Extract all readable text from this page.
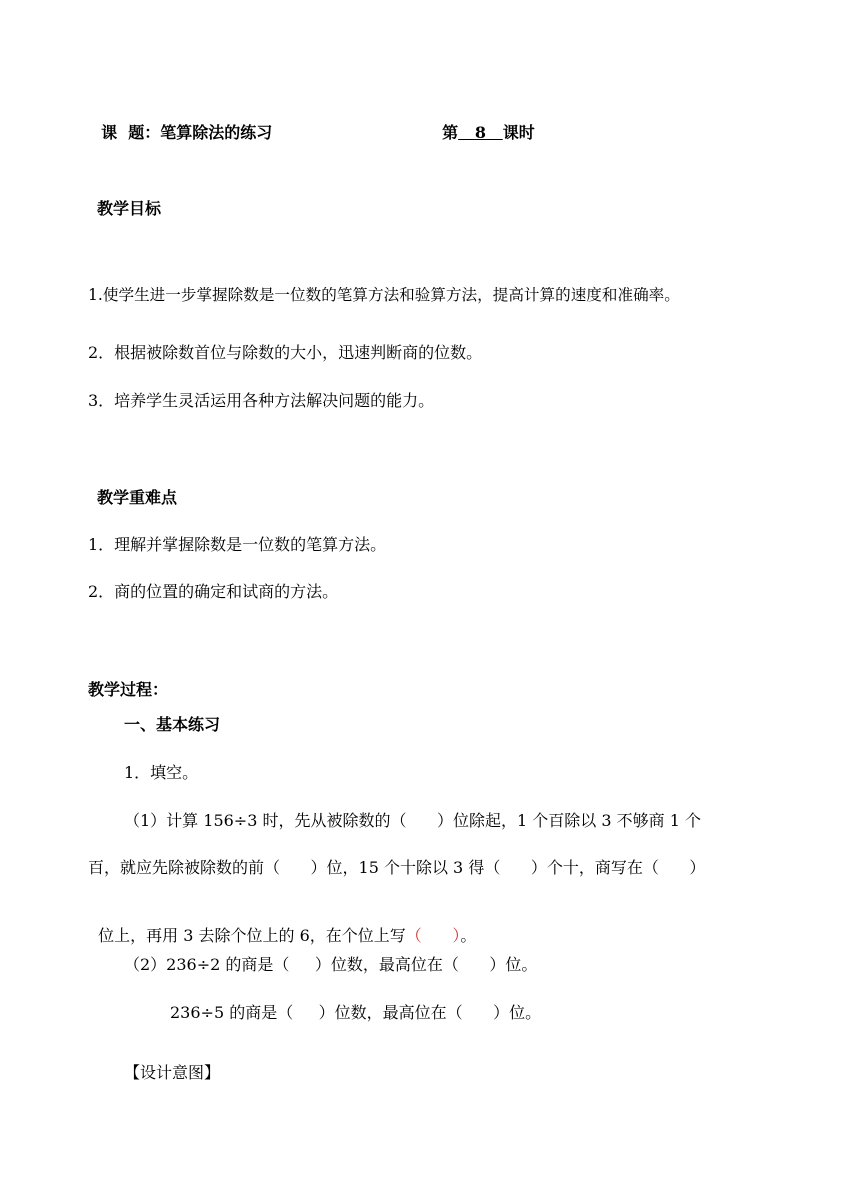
课  题：笔算除法的练习	第 8 课时

教学目标
1.使学生进一步掌握除数是一位数的笔算方法和验算方法，提高计算的速度和准确率。
2．根据被除数首位与除数的大小，迅速判断商的位数。
3．培养学生灵活运用各种方法解决问题的能力。
教学重难点
1．理解并掌握除数是一位数的笔算方法。
2．商的位置的确定和试商的方法。
教学过程：
一、基本练习
1．填空。
（1）计算 156÷3 时，先从被除数的（      ）位除起，1 个百除以 3 不够商 1 个
百，就应先除被除数的前（      ）位，15 个十除以 3 得（      ）个十，商写在（      ）

位上，再用 3 去除个位上的 6，在个位上写（      ）。

（2）236÷2 的商是（     ）位数，最高位在（      ）位。
236÷5 的商是（     ）位数，最高位在（      ）位。
【设计意图】
